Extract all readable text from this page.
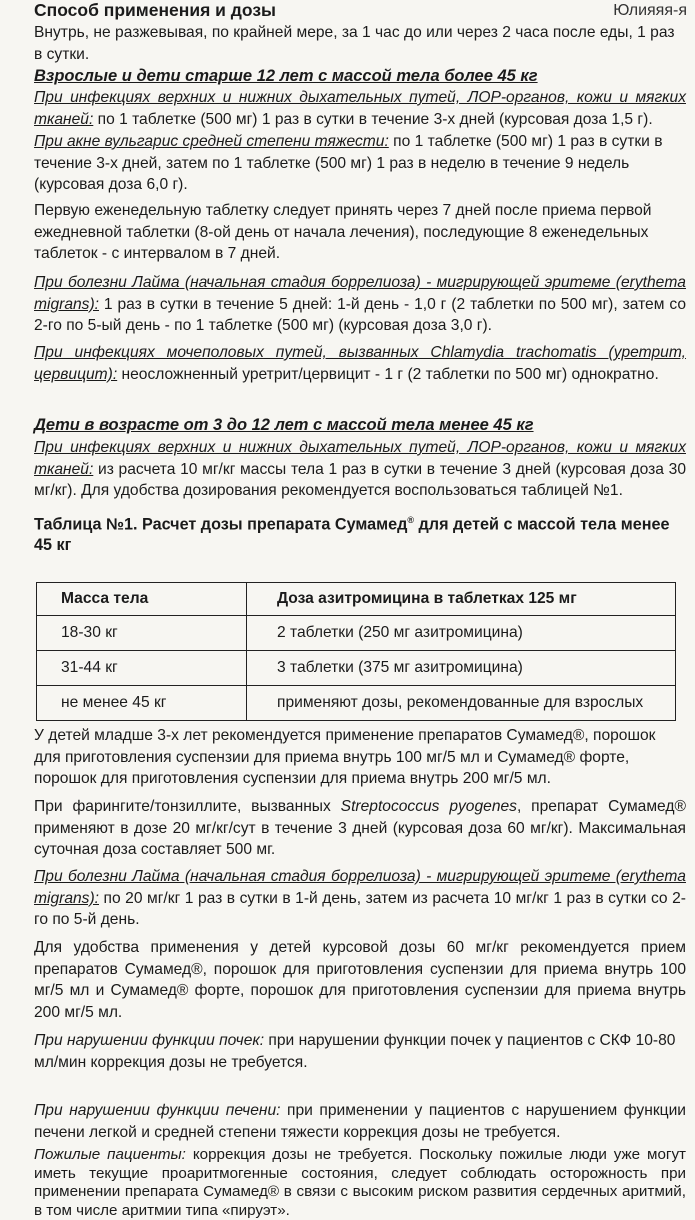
Юлияяя-я
Способ применения и дозы

Внутрь, не разжевывая, по крайней мере, за 1 час до или через 2 часа после еды, 1 раз в сутки.

Взрослые и дети старше 12 лет с массой тела более 45 кг

При инфекциях верхних и нижних дыхательных путей, ЛОР-органов, кожи и мягких тканей: по 1 таблетке (500 мг) 1 раз в сутки в течение 3-х дней (курсовая доза 1,5 г).

При акне вульгарис средней степени тяжести: по 1 таблетке (500 мг) 1 раз в сутки в течение 3-х дней, затем по 1 таблетке (500 мг) 1 раз в неделю в течение 9 недель (курсовая доза 6,0 г).

Первую еженедельную таблетку следует принять через 7 дней после приема первой ежедневной таблетки (8-ой день от начала лечения), последующие 8 еженедельных таблеток - с интервалом в 7 дней.

При болезни Лайма (начальная стадия боррелиоза) - мигрирующей эритеме (erythema migrans): 1 раз в сутки в течение 5 дней: 1-й день - 1,0 г (2 таблетки по 500 мг), затем со 2-го по 5-ый день - по 1 таблетке (500 мг) (курсовая доза 3,0 г).

При инфекциях мочеполовых путей, вызванных Chlamydia trachomatis (уретрит, цервицит): неосложненный уретрит/цервицит - 1 г (2 таблетки по 500 мг) однократно.

Дети в возрасте от 3 до 12 лет с массой тела менее 45 кг

При инфекциях верхних и нижних дыхательных путей, ЛОР-органов, кожи и мягких тканей: из расчета 10 мг/кг массы тела 1 раз в сутки в течение 3 дней (курсовая доза 30 мг/кг). Для удобства дозирования рекомендуется воспользоваться таблицей №1.

Таблица №1. Расчет дозы препарата Сумамед® для детей с массой тела менее 45 кг

Масса тела	Доза азитромицина в таблетках 125 мг
18-30 кг	2 таблетки (250 мг азитромицина)
31-44 кг	3 таблетки (375 мг азитромицина)
не менее 45 кг	применяют дозы, рекомендованные для взрослых

У детей младше 3-х лет рекомендуется применение препаратов Сумамед®, порошок для приготовления суспензии для приема внутрь 100 мг/5 мл и Сумамед® форте, порошок для приготовления суспензии для приема внутрь 200 мг/5 мл.

При фарингите/тонзиллите, вызванных Streptococcus pyogenes, препарат Сумамед® применяют в дозе 20 мг/кг/сут в течение 3 дней (курсовая доза 60 мг/кг). Максимальная суточная доза составляет 500 мг.

При болезни Лайма (начальная стадия боррелиоза) - мигрирующей эритеме (erythema migrans): по 20 мг/кг 1 раз в сутки в 1-й день, затем из расчета 10 мг/кг 1 раз в сутки со 2-го по 5-й день.

Для удобства применения у детей курсовой дозы 60 мг/кг рекомендуется прием препаратов Сумамед®, порошок для приготовления суспензии для приема внутрь 100 мг/5 мл и Сумамед® форте, порошок для приготовления суспензии для приема внутрь 200 мг/5 мл.

При нарушении функции почек: при нарушении функции почек у пациентов с СКФ 10-80 мл/мин коррекция дозы не требуется.

При нарушении функции печени: при применении у пациентов с нарушением функции печени легкой и средней степени тяжести коррекция дозы не требуется.

Пожилые пациенты: коррекция дозы не требуется. Поскольку пожилые люди уже могут иметь текущие проаритмогенные состояния, следует соблюдать осторожность при применении препарата Сумамед® в связи с высоким риском развития сердечных аритмий, в том числе аритмии типа «пируэт».
